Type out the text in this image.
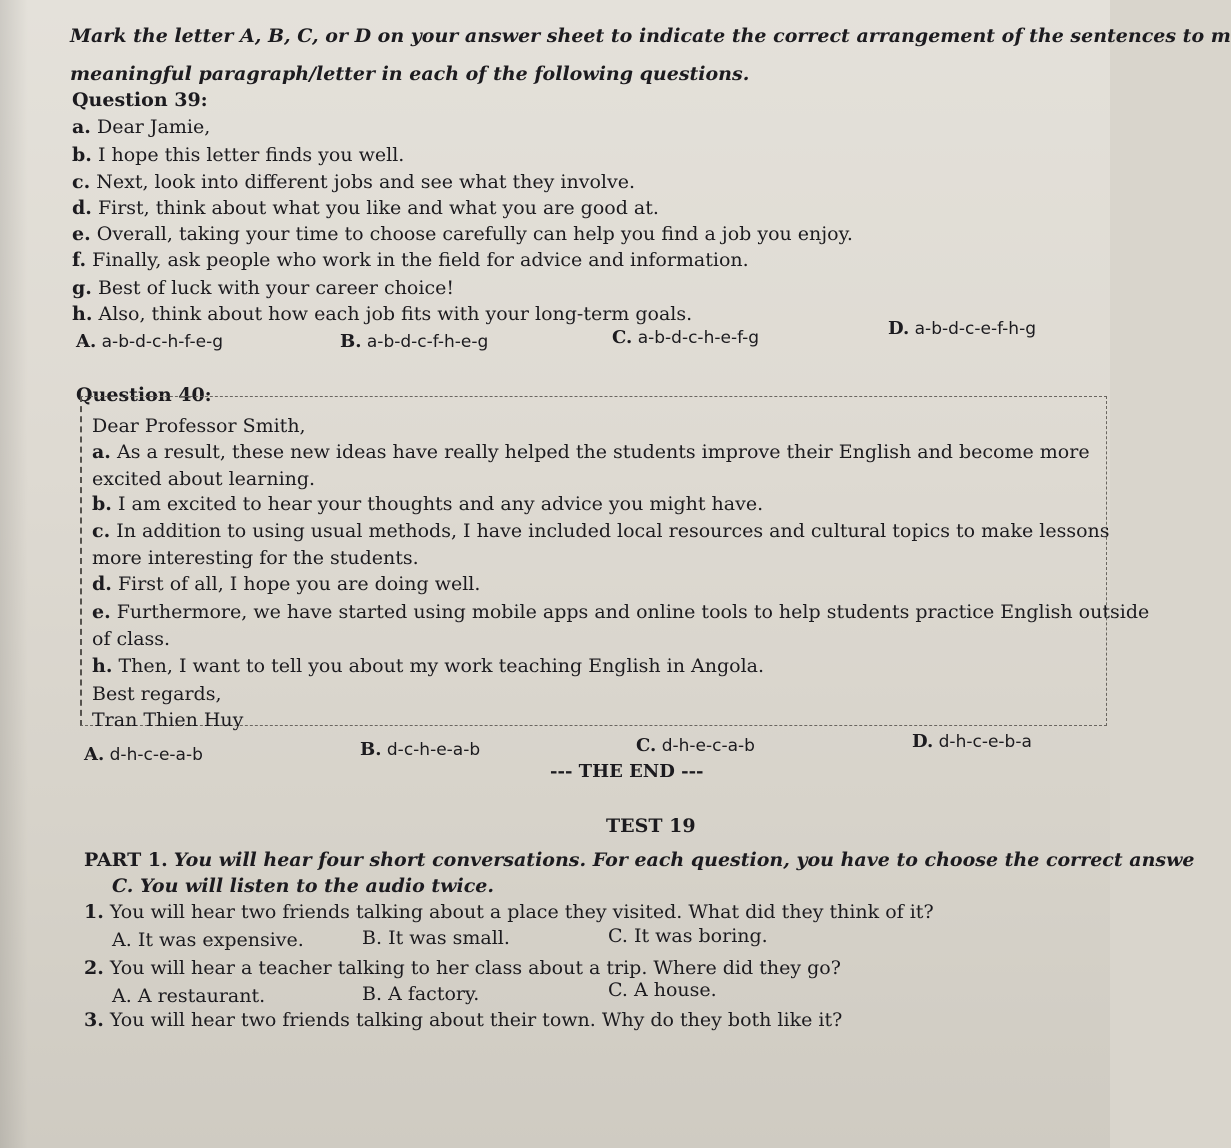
Mark the letter A, B, C, or D on your answer sheet to indicate the correct arrangement of the sentences to m
meaningful paragraph/letter in each of the following questions.
Question 39:
a. Dear Jamie,
b. I hope this letter finds you well.
c. Next, look into different jobs and see what they involve.
d. First, think about what you like and what you are good at.
e. Overall, taking your time to choose carefully can help you find a job you enjoy.
f. Finally, ask people who work in the field for advice and information.
g. Best of luck with your career choice!
h. Also, think about how each job fits with your long-term goals.
A. a-b-d-c-h-f-e-g	B. a-b-d-c-f-h-e-g	C. a-b-d-c-h-e-f-g	D. a-b-d-c-e-f-h-g
Question 40:
Dear Professor Smith,
a. As a result, these new ideas have really helped the students improve their English and become more
excited about learning.
b. I am excited to hear your thoughts and any advice you might have.
c. In addition to using usual methods, I have included local resources and cultural topics to make lessons
more interesting for the students.
d. First of all, I hope you are doing well.
e. Furthermore, we have started using mobile apps and online tools to help students practice English outside
of class.
h. Then, I want to tell you about my work teaching English in Angola.
Best regards,
Tran Thien Huy
A. d-h-c-e-a-b	B. d-c-h-e-a-b	C. d-h-e-c-a-b	D. d-h-c-e-b-a
--- THE END ---
TEST 19
PART 1. You will hear four short conversations. For each question, you have to choose the correct answe
C. You will listen to the audio twice.
1. You will hear two friends talking about a place they visited. What did they think of it?
A. It was expensive.	B. It was small.	C. It was boring.
2. You will hear a teacher talking to her class about a trip. Where did they go?
A. A restaurant.	B. A factory.	C. A house.
3. You will hear two friends talking about their town. Why do they both like it?
